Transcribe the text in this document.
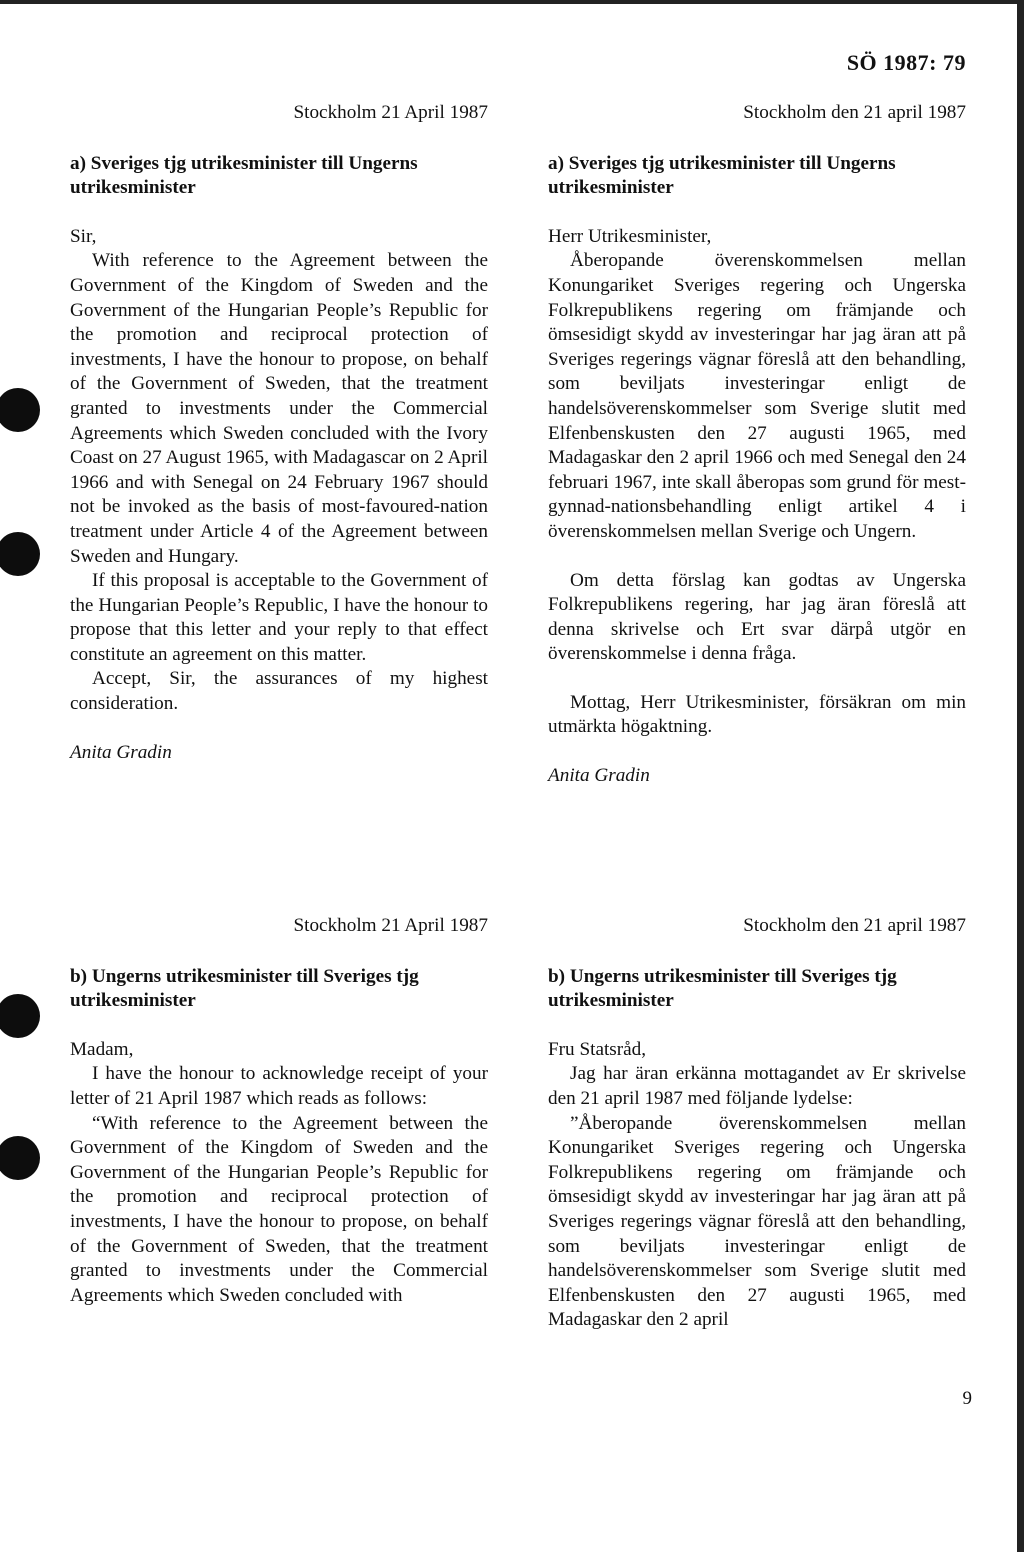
SÖ 1987: 79

Stockholm 21 April 1987

a) Sveriges tjg utrikesminister till Ungerns utrikesminister

Sir,

With reference to the Agreement between the Government of the Kingdom of Sweden and the Government of the Hungarian People’s Republic for the promotion and reciprocal protection of investments, I have the honour to propose, on behalf of the Government of Sweden, that the treatment granted to investments under the Commercial Agreements which Sweden concluded with the Ivory Coast on 27 August 1965, with Madagascar on 2 April 1966 and with Senegal on 24 February 1967 should not be invoked as the basis of most-favoured-nation treatment under Article 4 of the Agreement between Sweden and Hungary.

If this proposal is acceptable to the Government of the Hungarian People’s Republic, I have the honour to propose that this letter and your reply to that effect constitute an agreement on this matter.

Accept, Sir, the assurances of my highest consideration.

Anita Gradin

Stockholm den 21 april 1987

a) Sveriges tjg utrikesminister till Ungerns utrikesminister

Herr Utrikesminister,

Åberopande överenskommelsen mellan Konungariket Sveriges regering och Ungerska Folkrepublikens regering om främjande och ömsesidigt skydd av investeringar har jag äran att på Sveriges regerings vägnar föreslå att den behandling, som beviljats investeringar enligt de handelsöverenskommelser som Sverige slutit med Elfenbenskusten den 27 augusti 1965, med Madagaskar den 2 april 1966 och med Senegal den 24 februari 1967, inte skall åberopas som grund för mest-gynnad-nationsbehandling enligt artikel 4 i överenskommelsen mellan Sverige och Ungern.

Om detta förslag kan godtas av Ungerska Folkrepublikens regering, har jag äran föreslå att denna skrivelse och Ert svar därpå utgör en överenskommelse i denna fråga.

Mottag, Herr Utrikesminister, försäkran om min utmärkta högaktning.

Anita Gradin

Stockholm 21 April 1987

b) Ungerns utrikesminister till Sveriges tjg utrikesminister

Madam,

I have the honour to acknowledge receipt of your letter of 21 April 1987 which reads as follows:

“With reference to the Agreement between the Government of the Kingdom of Sweden and the Government of the Hungarian People’s Republic for the promotion and reciprocal protection of investments, I have the honour to propose, on behalf of the Government of Sweden, that the treatment granted to investments under the Commercial Agreements which Sweden concluded with

Stockholm den 21 april 1987

b) Ungerns utrikesminister till Sveriges tjg utrikesminister

Fru Statsråd,

Jag har äran erkänna mottagandet av Er skrivelse den 21 april 1987 med följande lydelse:

”Åberopande överenskommelsen mellan Konungariket Sveriges regering och Ungerska Folkrepublikens regering om främjande och ömsesidigt skydd av investeringar har jag äran att på Sveriges regerings vägnar föreslå att den behandling, som beviljats investeringar enligt de handelsöverenskommelser som Sverige slutit med Elfenbenskusten den 27 augusti 1965, med Madagaskar den 2 april

9
